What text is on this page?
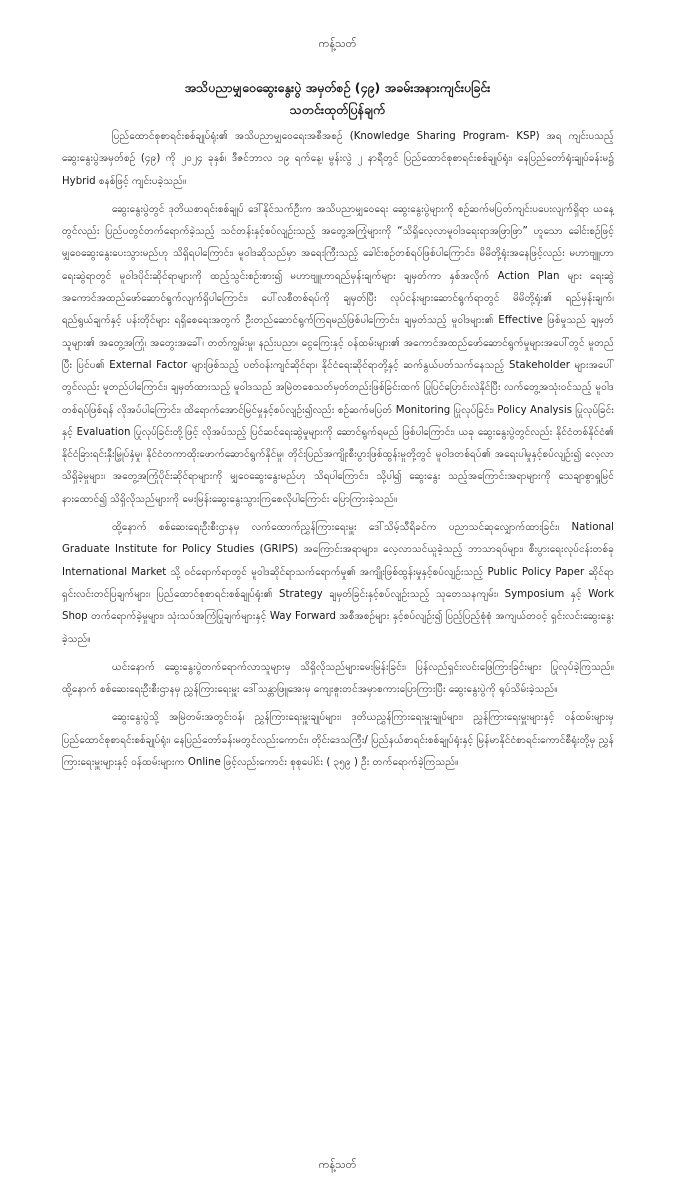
ကန့်သတ်
အသိပညာမျှဝေဆွေးနွေးပွဲ အမှတ်စဉ် (၄၉) အခမ်းအနားကျင်းပခြင်း
သတင်းထုတ်ပြန်ချက်

ပြည်ထောင်စုစာရင်းစစ်ချုပ်ရုံး၏ အသိပညာမျှဝေရေးအစီအစဉ် (Knowledge Sharing Program- KSP) အရ ကျင်းပသည့် ဆွေးနွေးပွဲအမှတ်စဉ် (၄၉) ကို ၂၀၂၄ ခုနှစ်၊ ဒီဇင်ဘာလ ၁၉ ရက်နေ့၊ မွန်းလွဲ ၂ နာရီတွင် ပြည်ထောင်စုစာရင်းစစ်ချုပ်ရုံး၊ နေပြည်တော်ရုံးချုပ်ခန်းမ၌ Hybrid စနစ်ဖြင့် ကျင်းပခဲ့သည်။

ဆွေးနွေးပွဲတွင် ဒုတိယစာရင်းစစ်ချုပ် ဒေါ်နိုင်သက်ဦးက အသိပညာမျှဝေရေး ဆွေးနွေးပွဲများကို စဉ်ဆက်မပြတ်ကျင်းပပေးလျက်ရှိရာ ယနေ့တွင်လည်း ပြည်ပတွင်တက်ရောက်ခဲ့သည့် သင်တန်းနှင့်စပ်လျဉ်းသည့် အတွေ့အကြုံများကို “သိရှိလေ့လာမူဝါဒရေးရာအဖြာဖြာ” ဟူသော ခေါင်းစဉ်ဖြင့် မျှဝေဆွေးနွေးပေးသွားမည်ဟု သိရှိရပါကြောင်း၊ မူဝါဒဆိုသည်မှာ အရေးကြီးသည့် ခေါင်းစဉ်တစ်ရပ်ဖြစ်ပါကြောင်း၊ မိမိတို့ရုံးအနေဖြင့်လည်း မဟာဗျူဟာရေးဆွဲရာတွင် မူဝါဒပိုင်းဆိုင်ရာများကို ထည့်သွင်းစဉ်းစား၍ မဟာဗျူဟာရည်မှန်းချက်များ ချမှတ်ကာ နှစ်အလိုက် Action Plan များ ရေးဆွဲအကောင်အထည်ဖော်ဆောင်ရွက်လျက်ရှိပါကြောင်း၊ ပေါ်လစီတစ်ရပ်ကို ချမှတ်ပြီး လုပ်ငန်းများဆောင်ရွက်ရာတွင် မိမိတို့ရုံး၏ ရည်မှန်းချက်၊ ရည်ရွယ်ချက်နှင့် ပန်းတိုင်များ ရရှိစေရေးအတွက် ဦးတည်ဆောင်ရွက်ကြရမည်ဖြစ်ပါကြောင်း၊ ချမှတ်သည့် မူဝါဒများ၏ Effective ဖြစ်မှုသည် ချမှတ်သူများ၏ အတွေ့အကြုံ၊ အတွေးအခေါ်၊ တတ်ကျွမ်းမှု၊ နည်းပညာ၊ ငွေကြေးနှင့် ဝန်ထမ်းများ၏ အကောင်အထည်ဖော်ဆောင်ရွက်မှုများအပေါ်တွင် မူတည်ပြီး ပြင်ပ၏ External Factor များဖြစ်သည့် ပတ်ဝန်းကျင်ဆိုင်ရာ၊ နိုင်ငံရေးဆိုင်ရာတို့နှင့် ဆက်နွယ်ပတ်သက်နေသည့် Stakeholder များအပေါ်တွင်လည်း မူတည်ပါကြောင်း၊ ချမှတ်ထားသည့် မူဝါဒသည် အမြဲတစေသတ်မှတ်တည်းဖြစ်ခြင်းထက် ပြုပြင်ပြောင်းလဲနိုင်ပြီး လက်တွေ့အသုံးဝင်သည့် မူဝါဒတစ်ရပ်ဖြစ်ရန် လိုအပ်ပါကြောင်း၊ ထိရောက်အောင်မြင်မှုနှင့်စပ်လျဉ်း၍လည်း စဉ်ဆက်မပြတ် Monitoring ပြုလုပ်ခြင်း၊ Policy Analysis ပြုလုပ်ခြင်းနှင့် Evaluation ပြုလုပ်ခြင်းတို့ဖြင့် လိုအပ်သည့် ပြင်ဆင်ရေးဆွဲမှုများကို ဆောင်ရွက်ရမည် ဖြစ်ပါကြောင်း၊ ယခု ဆွေးနွေးပွဲတွင်လည်း နိုင်ငံတစ်နိုင်ငံ၏ နိုင်ငံခြားရင်းနှီးမြှုပ်နှံမှု၊ နိုင်ငံတကာထိုးဖောက်ဆောင်ရွက်နိုင်မှု၊ တိုင်းပြည်အကျိုးစီးပွားဖြစ်ထွန်းမှုတို့တွင် မူဝါဒတစ်ရပ်၏ အရေးပါမှုနှင့်စပ်လျဉ်း၍ လေ့လာသိရှိခဲ့မှုများ၊ အတွေ့အကြုံပိုင်းဆိုင်ရာများကို မျှဝေဆွေးနွေးမည်ဟု သိရပါကြောင်း၊ သို့ပါ၍ ဆွေးနွေး သည့်အကြောင်းအရာများကို သေချာစွာရှုမြင်နားထောင်၍ သိရှိလိုသည်များကို မေးမြန်းဆွေးနွေးသွားကြစေလိုပါကြောင်း ပြောကြားခဲ့သည်။

ထို့နောက် စစ်ဆေးရေးဦးစီးဌာနမှ လက်ထောက်ညွှန်ကြားရေးမှူး ဒေါ်သိမ့်သီရိခင်က ပညာသင်ဆုလျှောက်ထားခြင်း၊ National Graduate Institute for Policy Studies (GRIPS) အကြောင်းအရာများ၊ လေ့လာသင်ယူခဲ့သည့် ဘာသာရပ်များ၊ စီးပွားရေးလုပ်ငန်းတစ်ခု International Market သို့ ဝင်ရောက်ရာတွင် မူဝါဒဆိုင်ရာသက်ရောက်မှု၏ အကျိုးဖြစ်ထွန်းမှုနှင့်စပ်လျဉ်းသည့် Public Policy Paper ဆိုင်ရာ ရှင်းလင်းတင်ပြချက်များ၊ ပြည်ထောင်စုစာရင်းစစ်ချုပ်ရုံး၏ Strategy ချမှတ်ခြင်းနှင့်စပ်လျဉ်းသည့် သုတေသနကျမ်း၊ Symposium နှင့် Work Shop တက်ရောက်ခဲ့မှုများ၊ သုံးသပ်အကြံပြုချက်များနှင့် Way Forward အစီအစဉ်များ နှင့်စပ်လျဉ်း၍ ပြည့်ပြည့်စုံစုံ အကျယ်တဝင့် ရှင်းလင်းဆွေးနွေးခဲ့သည်။

ယင်းနောက် ဆွေးနွေးပွဲတက်ရောက်လာသူများမှ သိရှိလိုသည်များမေးမြန်းခြင်း၊ ပြန်လည်ရှင်းလင်းဖြေကြားခြင်းများ ပြုလုပ်ခဲ့ကြသည်။ ထို့နောက် စစ်ဆေးရေးဦးစီးဌာနမှ ညွှန်ကြားရေးမှူး ဒေါ်သန္တာဖြူအေးမှ ကျေးဇူးတင်အမှာစကားပြောကြားပြီး ဆွေးနွေးပွဲကို ရုပ်သိမ်းခဲ့သည်။

ဆွေးနွေးပွဲသို့ အမြဲတမ်းအတွင်းဝန်၊ ညွှန်ကြားရေးမှူးချုပ်များ၊ ဒုတိယညွှန်ကြားရေးမှူးချုပ်များ၊ ညွှန်ကြားရေးမှူးများနှင့် ဝန်ထမ်းများမှ ပြည်ထောင်စုစာရင်းစစ်ချုပ်ရုံး၊ နေပြည်တော်ခန်းမတွင်လည်းကောင်း၊ တိုင်းဒေသကြီး/ ပြည်နယ်စာရင်းစစ်ချုပ်ရုံးနှင့် မြန်မာနိုင်ငံစာရင်းကောင်စီရုံးတို့မှ ညွှန်ကြားရေးမှူးများနှင့် ဝန်ထမ်းများက Online ဖြင့်လည်းကောင်း စုစုပေါင်း ( ၃၅၉ ) ဦး တက်ရောက်ခဲ့ကြသည်။

ကန့်သတ်
